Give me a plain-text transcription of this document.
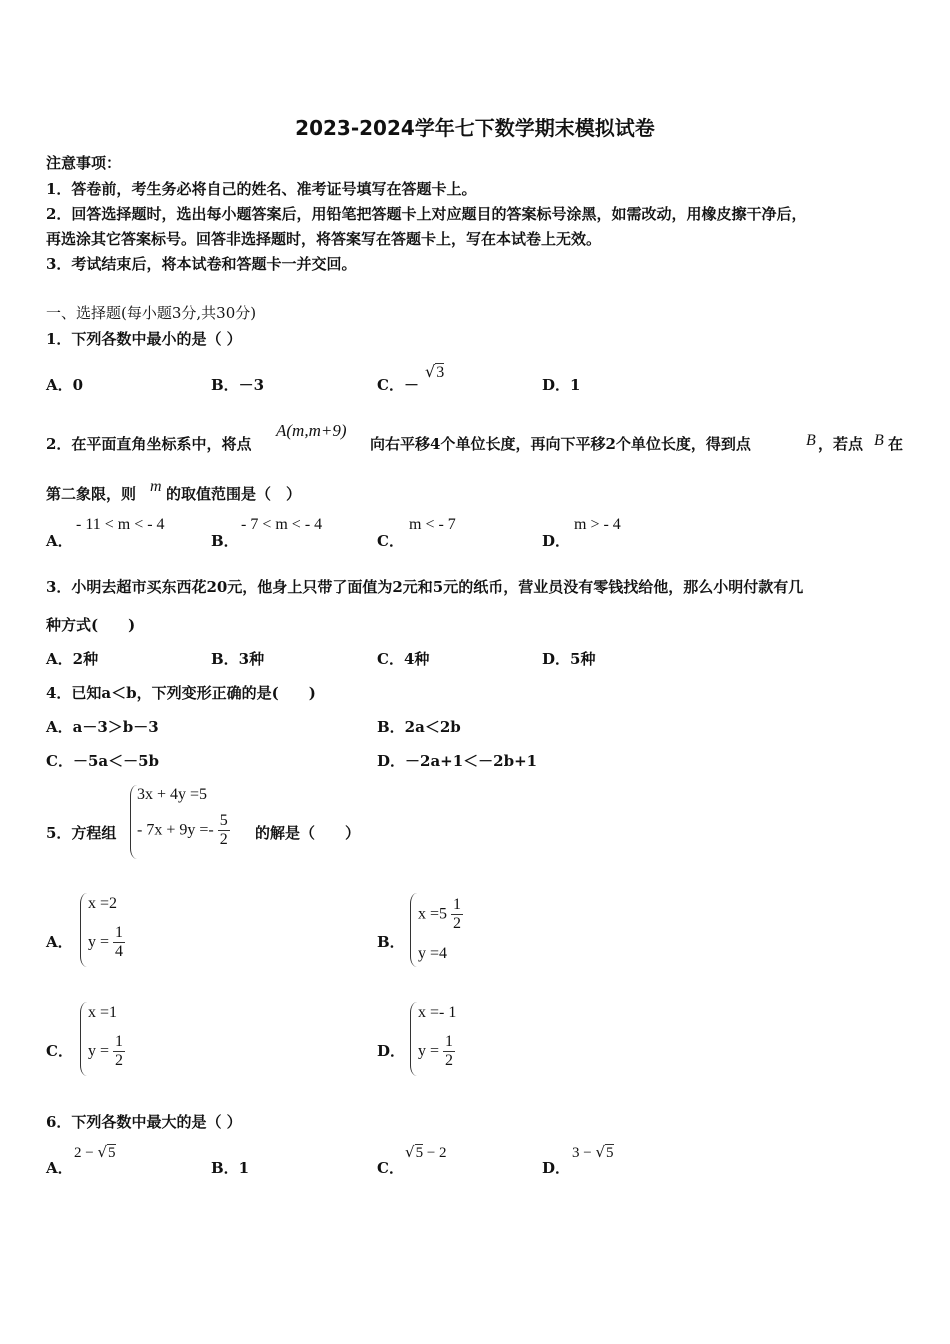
2023-2024学年七下数学期末模拟试卷
注意事项：
1．答卷前，考生务必将自己的姓名、准考证号填写在答题卡上。
2．回答选择题时，选出每小题答案后，用铅笔把答题卡上对应题目的答案标号涂黑，如需改动，用橡皮擦干净后，
再选涂其它答案标号。回答非选择题时，将答案写在答题卡上，写在本试卷上无效。
3．考试结束后，将本试卷和答题卡一并交回。
一、选择题(每小题3分,共30分)
1．下列各数中最小的是（ ）
A．0	B．－3	C．－
√3
D．1
2．在平面直角坐标系中，将点
A(m,m+9)
向右平移4个单位长度，再向下平移2个单位长度，得到点	B ，若点 B 在
第二象限，则 m 的取值范围是（　）
A．
- 11 < m < - 4
B．
- 7 < m < - 4
C．
m < - 7
D．
m > - 4
3．小明去超市买东西花20元，他身上只带了面值为2元和5元的纸币，营业员没有零钱找给他，那么小明付款有几
种方式(　　)
A．2种	B．3种	C．4种	D．5种
4．已知a＜b，下列变形正确的是(　　)
A．a－3＞b－3	B．2a＜2b
C．－5a＜－5b	D．－2a+1＜－2b+1
5．方程组
3x + 4y =5
- $7x + 9y =- \frac{5}{2}$ 的解是（　　）
A．
x =2
$y = \frac{1}{4}$	B．
$x =5 \frac{1}{2}$
y =4
C．
x =1
$y = \frac{1}{2}$	D．
x =- 1
$y = \frac{1}{2}$
6．下列各数中最大的是（ ）
A．
2 − √5
B．1	C．
√5 − 2
D．
3 − √5
